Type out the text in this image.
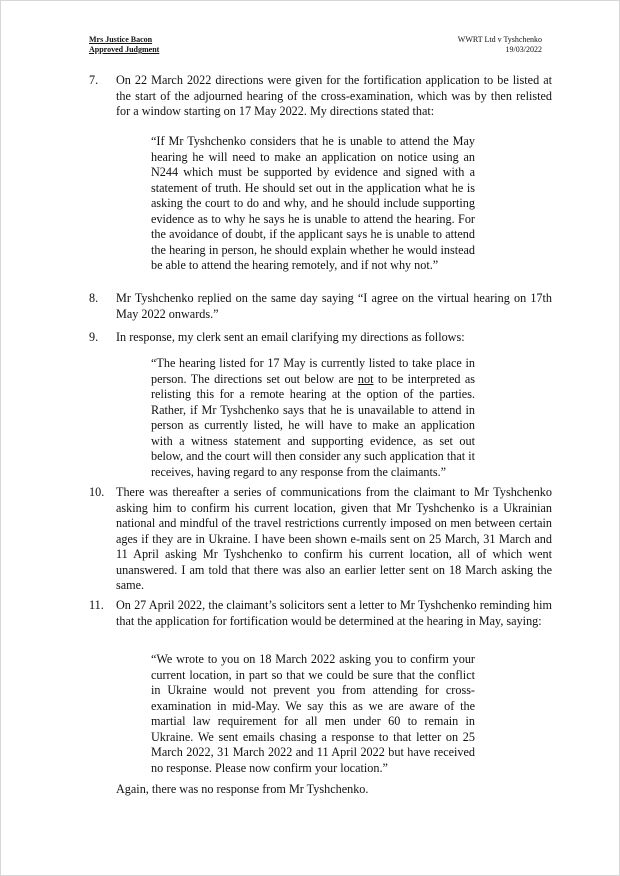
Mrs Justice Bacon
Approved Judgment
WWRT Ltd v Tyshchenko
19/03/2022
7.	On 22 March 2022 directions were given for the fortification application to be listed at the start of the adjourned hearing of the cross-examination, which was by then relisted for a window starting on 17 May 2022. My directions stated that:
“If Mr Tyshchenko considers that he is unable to attend the May hearing he will need to make an application on notice using an N244 which must be supported by evidence and signed with a statement of truth. He should set out in the application what he is asking the court to do and why, and he should include supporting evidence as to why he says he is unable to attend the hearing. For the avoidance of doubt, if the applicant says he is unable to attend the hearing in person, he should explain whether he would instead be able to attend the hearing remotely, and if not why not.”
8.	Mr Tyshchenko replied on the same day saying “I agree on the virtual hearing on 17th May 2022 onwards.”
9.	In response, my clerk sent an email clarifying my directions as follows:
“The hearing listed for 17 May is currently listed to take place in person. The directions set out below are not to be interpreted as relisting this for a remote hearing at the option of the parties. Rather, if Mr Tyshchenko says that he is unavailable to attend in person as currently listed, he will have to make an application with a witness statement and supporting evidence, as set out below, and the court will then consider any such application that it receives, having regard to any response from the claimants.”
10. There was thereafter a series of communications from the claimant to Mr Tyshchenko asking him to confirm his current location, given that Mr Tyshchenko is a Ukrainian national and mindful of the travel restrictions currently imposed on men between certain ages if they are in Ukraine. I have been shown e-mails sent on 25 March, 31 March and 11 April asking Mr Tyshchenko to confirm his current location, all of which went unanswered. I am told that there was also an earlier letter sent on 18 March asking the same.
11.	On 27 April 2022, the claimant’s solicitors sent a letter to Mr Tyshchenko reminding him that the application for fortification would be determined at the hearing in May, saying:
“We wrote to you on 18 March 2022 asking you to confirm your current location, in part so that we could be sure that the conflict in Ukraine would not prevent you from attending for cross-examination in mid-May. We say this as we are aware of the martial law requirement for all men under 60 to remain in Ukraine. We sent emails chasing a response to that letter on 25 March 2022, 31 March 2022 and 11 April 2022 but have received no response. Please now confirm your location.”
Again, there was no response from Mr Tyshchenko.
